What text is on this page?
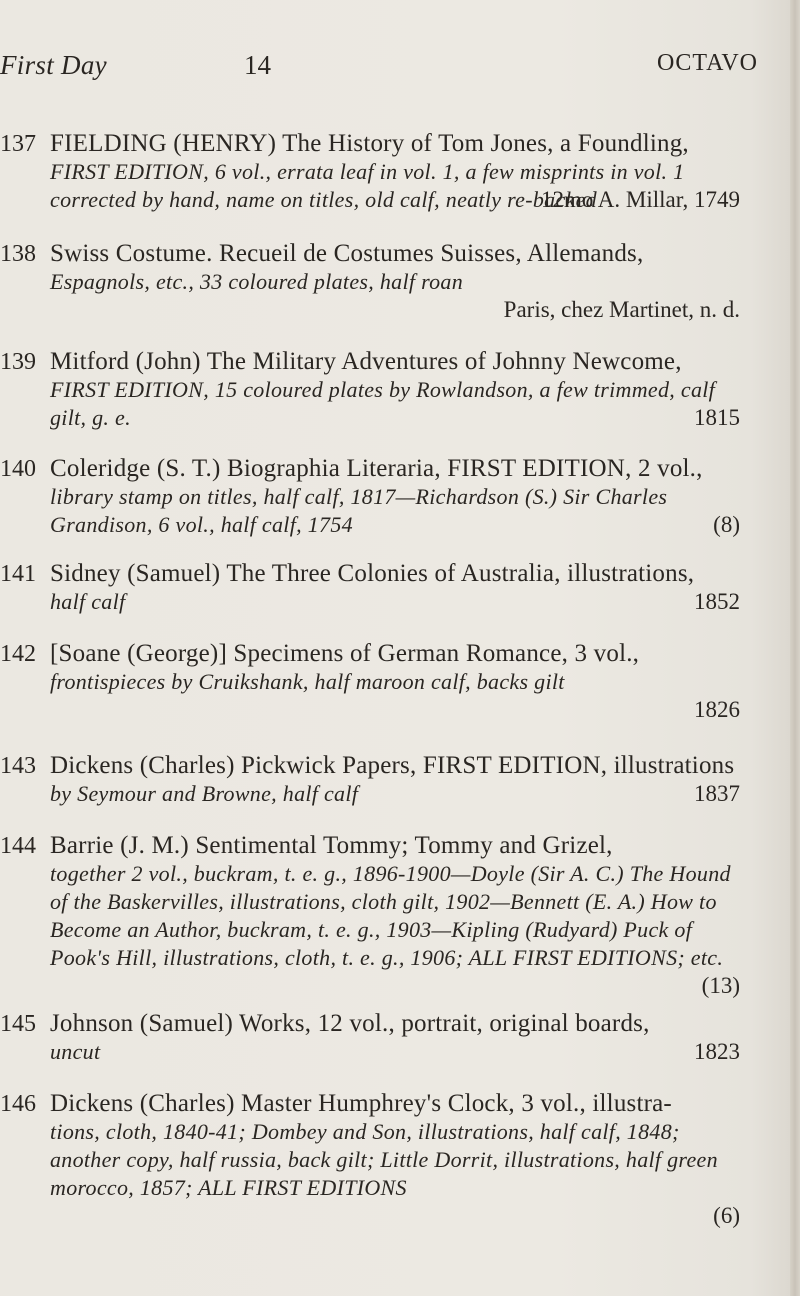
First Day	14	OCTAVO
137 FIELDING (HENRY) The History of Tom Jones, a Foundling,
FIRST EDITION, 6 vol., errata leaf in vol. 1, a few misprints in vol. 1 corrected by hand, name on titles, old calf, neatly re-backed
12mo A. Millar, 1749
138 Swiss Costume. Recueil de Costumes Suisses, Allemands,
Espagnols, etc., 33 coloured plates, half roan
Paris, chez Martinet, n. d.
139 Mitford (John) The Military Adventures of Johnny Newcome,
FIRST EDITION, 15 coloured plates by Rowlandson, a few trimmed, calf gilt, g. e.	1815
140 Coleridge (S. T.) Biographia Literaria, FIRST EDITION, 2 vol.,
library stamp on titles, half calf, 1817—Richardson (S.) Sir Charles Grandison, 6 vol., half calf, 1754	(8)
141 Sidney (Samuel) The Three Colonies of Australia, illustrations,
half calf	1852
142 [Soane (George)] Specimens of German Romance, 3 vol.,
frontispieces by Cruikshank, half maroon calf, backs gilt
1826
143 Dickens (Charles) Pickwick Papers, FIRST EDITION, illustrations
by Seymour and Browne, half calf	1837
144 Barrie (J. M.) Sentimental Tommy; Tommy and Grizel,
together 2 vol., buckram, t. e. g., 1896-1900—Doyle (Sir A. C.) The Hound of the Baskervilles, illustrations, cloth gilt, 1902—Bennett (E. A.) How to Become an Author, buckram, t. e. g., 1903—Kipling (Rudyard) Puck of Pook's Hill, illustrations, cloth, t. e. g., 1906; ALL FIRST EDITIONS; etc.
(13)
145 Johnson (Samuel) Works, 12 vol., portrait, original boards,
uncut	1823
146 Dickens (Charles) Master Humphrey's Clock, 3 vol., illustra-
tions, cloth, 1840-41; Dombey and Son, illustrations, half calf, 1848; another copy, half russia, back gilt; Little Dorrit, illustrations, half green morocco, 1857; ALL FIRST EDITIONS
(6)
